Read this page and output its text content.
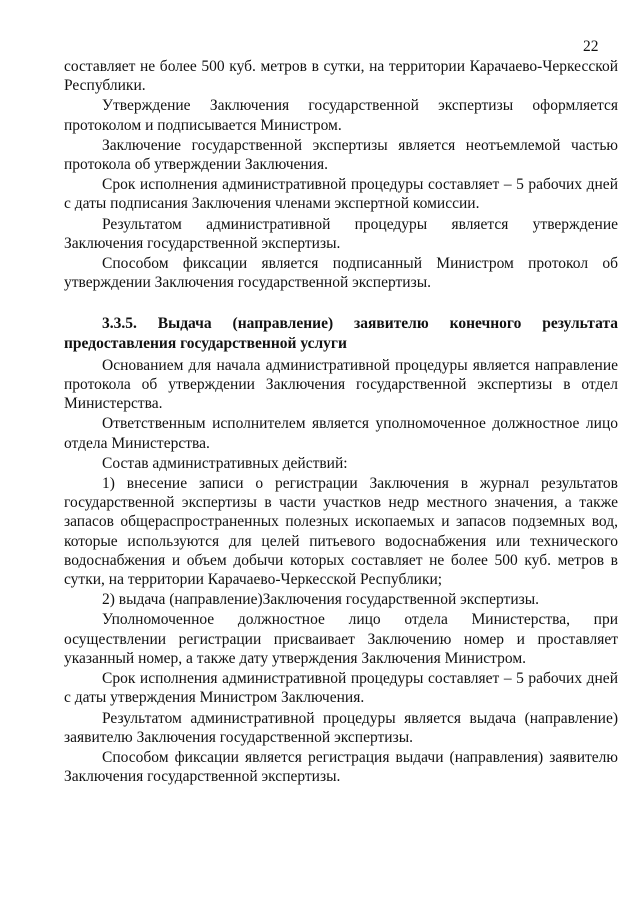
22

составляет не более 500 куб. метров в сутки, на территории Карачаево-Черкесской Республики.

Утверждение Заключения государственной экспертизы оформляется протоколом и подписывается Министром.

Заключение государственной экспертизы является неотъемлемой частью протокола об утверждении Заключения.

Срок исполнения административной процедуры составляет – 5 рабочих дней с даты подписания Заключения членами экспертной комиссии.

Результатом административной процедуры является утверждение Заключения государственной экспертизы.

Способом фиксации является подписанный Министром протокол об утверждении Заключения государственной экспертизы.

3.3.5. Выдача (направление) заявителю конечного результата предоставления государственной услуги

Основанием для начала административной процедуры является направление протокола об утверждении Заключения государственной экспертизы в отдел Министерства.

Ответственным исполнителем является уполномоченное должностное лицо отдела Министерства.

Состав административных действий:

1) внесение записи о регистрации Заключения в журнал результатов государственной экспертизы в части участков недр местного значения, а также запасов общераспространенных полезных ископаемых и запасов подземных вод, которые используются для целей питьевого водоснабжения или технического водоснабжения и объем добычи которых составляет не более 500 куб. метров в сутки, на территории Карачаево-Черкесской Республики;

2) выдача (направление)Заключения государственной экспертизы.

Уполномоченное должностное лицо отдела Министерства, при осуществлении регистрации присваивает Заключению номер и проставляет указанный номер, а также дату утверждения Заключения Министром.

Срок исполнения административной процедуры составляет – 5 рабочих дней с даты утверждения Министром Заключения.

Результатом административной процедуры является выдача (направление) заявителю Заключения государственной экспертизы.

Способом фиксации является регистрация выдачи (направления) заявителю Заключения государственной экспертизы.
